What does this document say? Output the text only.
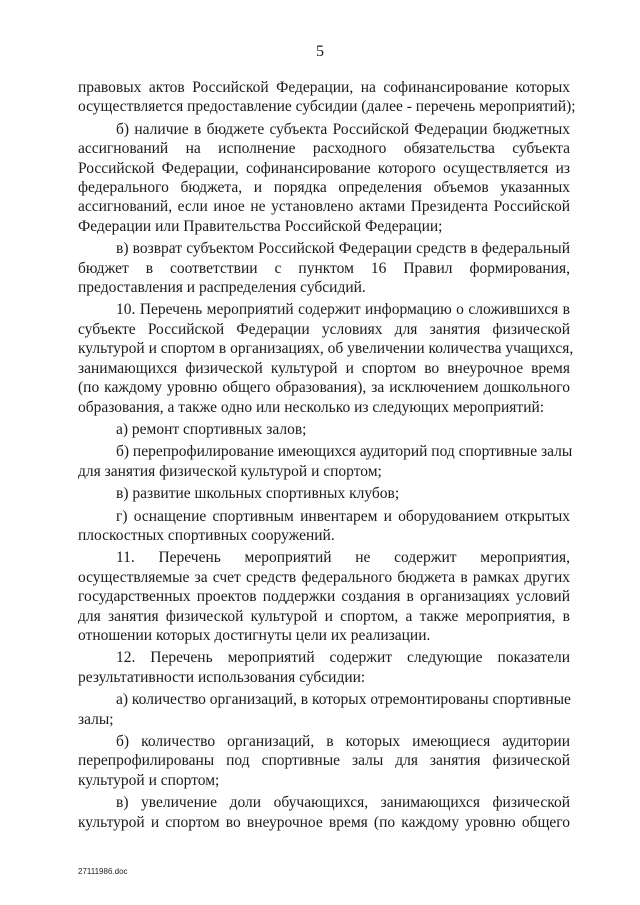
5

правовых актов Российской Федерации, на софинансирование которых
осуществляется предоставление субсидии (далее - перечень мероприятий);

б) наличие в бюджете субъекта Российской Федерации бюджетных
ассигнований на исполнение расходного обязательства субъекта
Российской Федерации, софинансирование которого осуществляется из
федерального бюджета, и порядка определения объемов указанных
ассигнований, если иное не установлено актами Президента Российской
Федерации или Правительства Российской Федерации;

в) возврат субъектом Российской Федерации средств в федеральный
бюджет в соответствии с пунктом 16 Правил формирования,
предоставления и распределения субсидий.

10. Перечень мероприятий содержит информацию о сложившихся в
субъекте Российской Федерации условиях для занятия физической
культурой и спортом в организациях, об увеличении количества учащихся,
занимающихся физической культурой и спортом во внеурочное время
(по каждому уровню общего образования), за исключением дошкольного
образования, а также одно или несколько из следующих мероприятий:

а) ремонт спортивных залов;

б) перепрофилирование имеющихся аудиторий под спортивные залы
для занятия физической культурой и спортом;

в) развитие школьных спортивных клубов;

г) оснащение спортивным инвентарем и оборудованием открытых
плоскостных спортивных сооружений.

11. Перечень мероприятий не содержит мероприятия,
осуществляемые за счет средств федерального бюджета в рамках других
государственных проектов поддержки создания в организациях условий
для занятия физической культурой и спортом, а также мероприятия, в
отношении которых достигнуты цели их реализации.

12. Перечень мероприятий содержит следующие показатели
результативности использования субсидии:

а) количество организаций, в которых отремонтированы спортивные
залы;

б) количество организаций, в которых имеющиеся аудитории
перепрофилированы под спортивные залы для занятия физической
культурой и спортом;

в) увеличение доли обучающихся, занимающихся физической
культурой и спортом во внеурочное время (по каждому уровню общего

27111986.doc
